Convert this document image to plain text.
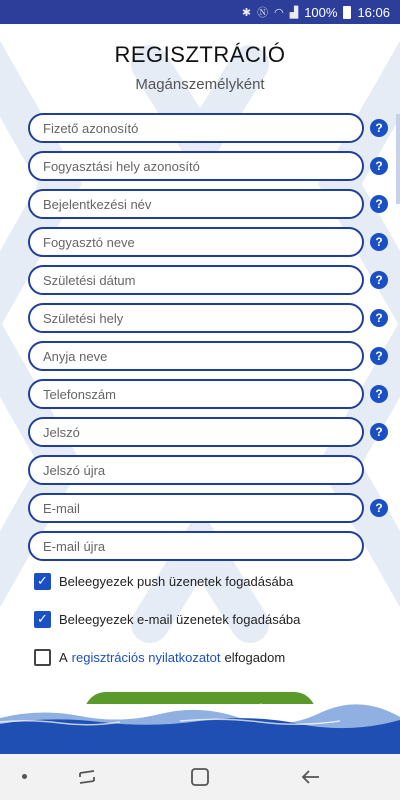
✱ Ⓝ ◠ ▟ 100% 16:06
REGISZTRÁCIÓ
Magánszemélyként
Fizető azonosító
?
Fogyasztási hely azonosító
?
Bejelentkezési név
?
Fogyasztó neve
?
Születési dátum
?
Születési hely
?
Anyja neve
?
Telefonszám
?
?
E-mail
?
E-mail újra
✓ Beleegyezek push üzenetek fogadásába
✓ Beleegyezek e-mail üzenetek fogadásába
A regisztrációs nyilatkozatot elfogadom
